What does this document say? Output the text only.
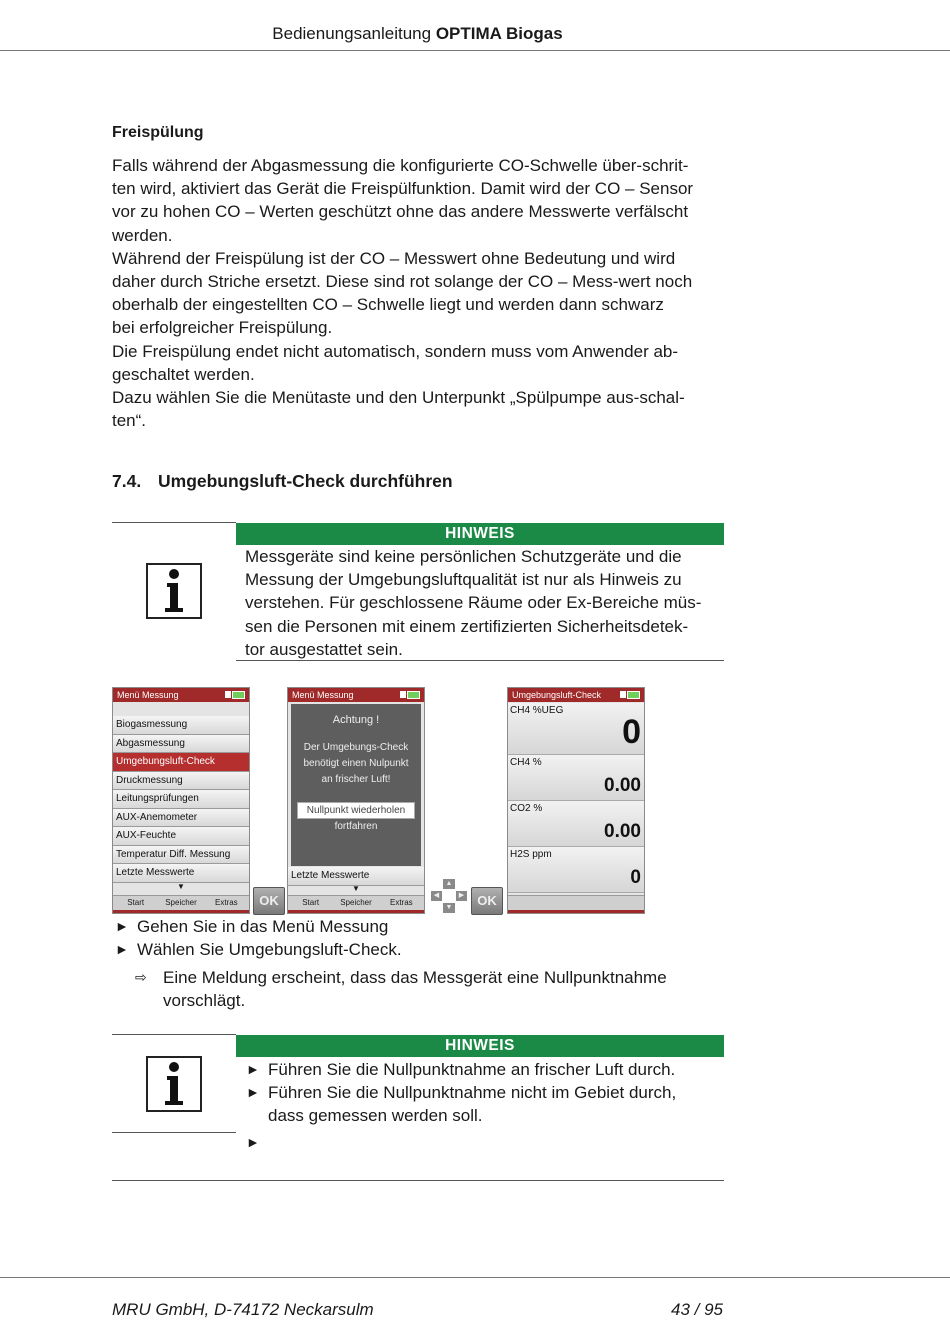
Bedienungsanleitung OPTIMA Biogas
Freispülung

Falls während der Abgasmessung die konfigurierte CO-Schwelle über-schrit-

ten wird, aktiviert das Gerät die Freispülfunktion. Damit wird der CO – Sensor

vor zu hohen CO – Werten geschützt ohne das andere Messwerte verfälscht

werden.

Während der Freispülung ist der CO – Messwert ohne Bedeutung und wird

daher durch Striche ersetzt. Diese sind rot solange der CO – Mess-wert noch

oberhalb der eingestellten CO – Schwelle liegt und werden dann schwarz

bei erfolgreicher Freispülung.

Die Freispülung endet nicht automatisch, sondern muss vom Anwender ab-

geschaltet werden.

Dazu wählen Sie die Menütaste und den Unterpunkt „Spülpumpe aus-schal-

ten“.

7.4. Umgebungsluft-Check durchführen
HINWEIS
Messgeräte sind keine persönlichen Schutzgeräte und die
Messung der Umgebungsluftqualität ist nur als Hinweis zu
verstehen. Für geschlossene Räume oder Ex-Bereiche müs-
sen die Personen mit einem zertifizierten Sicherheitsdetek-
tor ausgestattet sein.
Menü Messung
Biogasmessung
Abgasmessung
Umgebungsluft-Check
Druckmessung
Leitungsprüfungen
AUX-Anemometer
AUX-Feuchte
Temperatur Diff. Messung
Letzte Messwerte
▼
Start	Speicher	Extras	OK
Menü Messung
Achtung !
Der Umgebungs-Check
benötigt einen Nulpunkt
an frischer Luft!
Nullpunkt wiederholen
fortfahren
Letzte Messwerte
▼
Start	Speicher	Extras
▲
◀	▶
▼	OK
Umgebungsluft-Check
CH4 %UEG
0
CH4 %
0.00
CO2 %
0.00
H2S ppm
0
► Gehen Sie in das Menü Messung
► Wählen Sie Umgebungsluft-Check.
⇨ Eine Meldung erscheint, dass das Messgerät eine Nullpunktnahme
vorschlägt.
HINWEIS
► Führen Sie die Nullpunktnahme an frischer Luft durch.
► Führen Sie die Nullpunktnahme nicht im Gebiet durch,
dass gemessen werden soll.
►
MRU GmbH, D-74172 Neckarsulm	43 / 95
